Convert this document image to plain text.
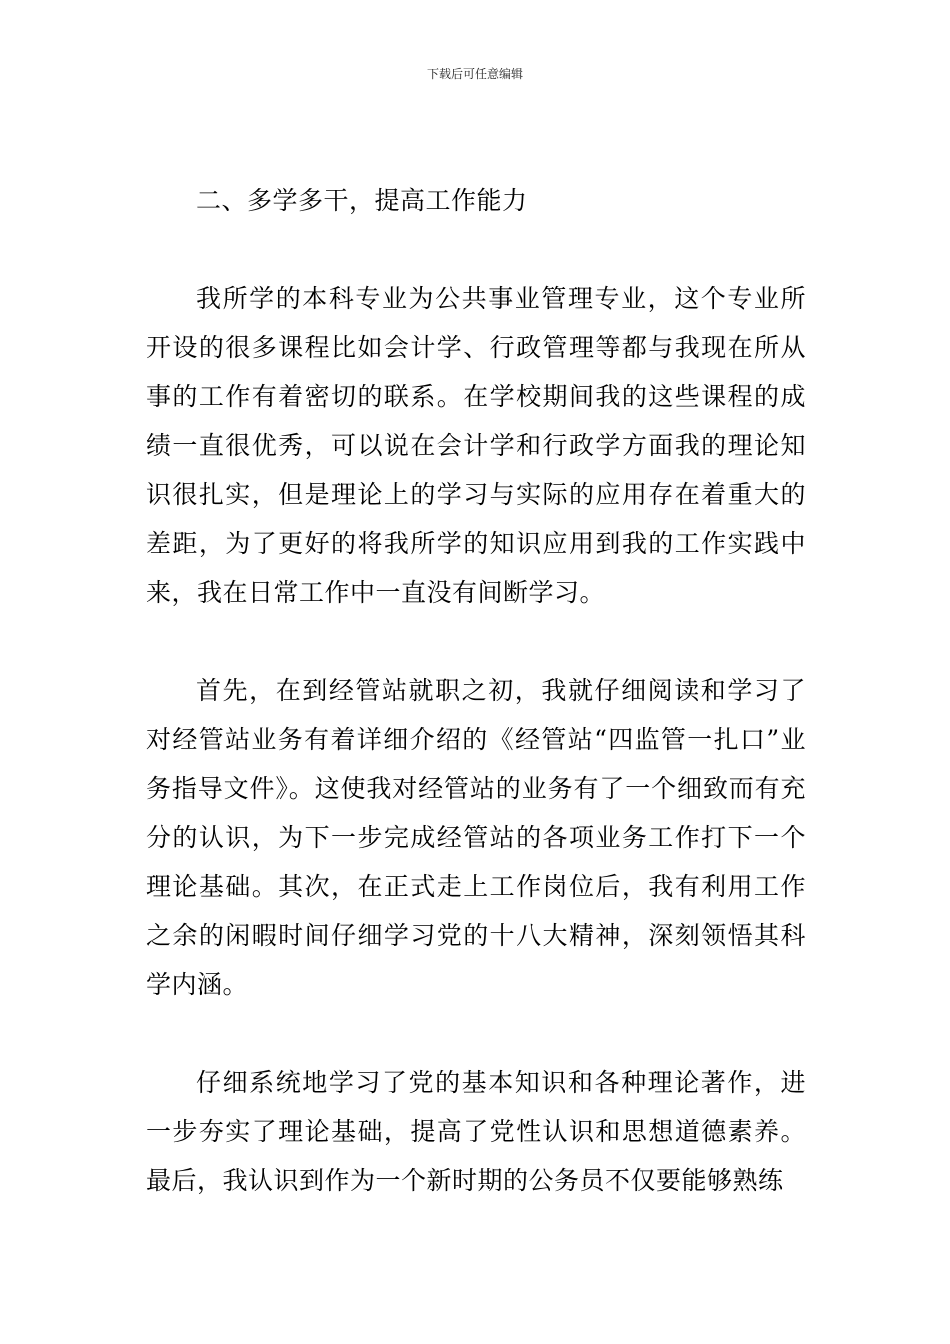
下载后可任意编辑

二、多学多干，提高工作能力

我所学的本科专业为公共事业管理专业，这个专业所开设的很多课程比如会计学、行政管理等都与我现在所从事的工作有着密切的联系。在学校期间我的这些课程的成绩一直很优秀，可以说在会计学和行政学方面我的理论知识很扎实，但是理论上的学习与实际的应用存在着重大的差距，为了更好的将我所学的知识应用到我的工作实践中来，我在日常工作中一直没有间断学习。

首先，在到经管站就职之初，我就仔细阅读和学习了对经管站业务有着详细介绍的《经管站“四监管一扎口”业务指导文件》。这使我对经管站的业务有了一个细致而有充分的认识，为下一步完成经管站的各项业务工作打下一个理论基础。其次，在正式走上工作岗位后，我有利用工作之余的闲暇时间仔细学习党的十八大精神，深刻领悟其科学内涵。

仔细系统地学习了党的基本知识和各种理论著作，进一步夯实了理论基础，提高了党性认识和思想道德素养。最后，我认识到作为一个新时期的公务员不仅要能够熟练
